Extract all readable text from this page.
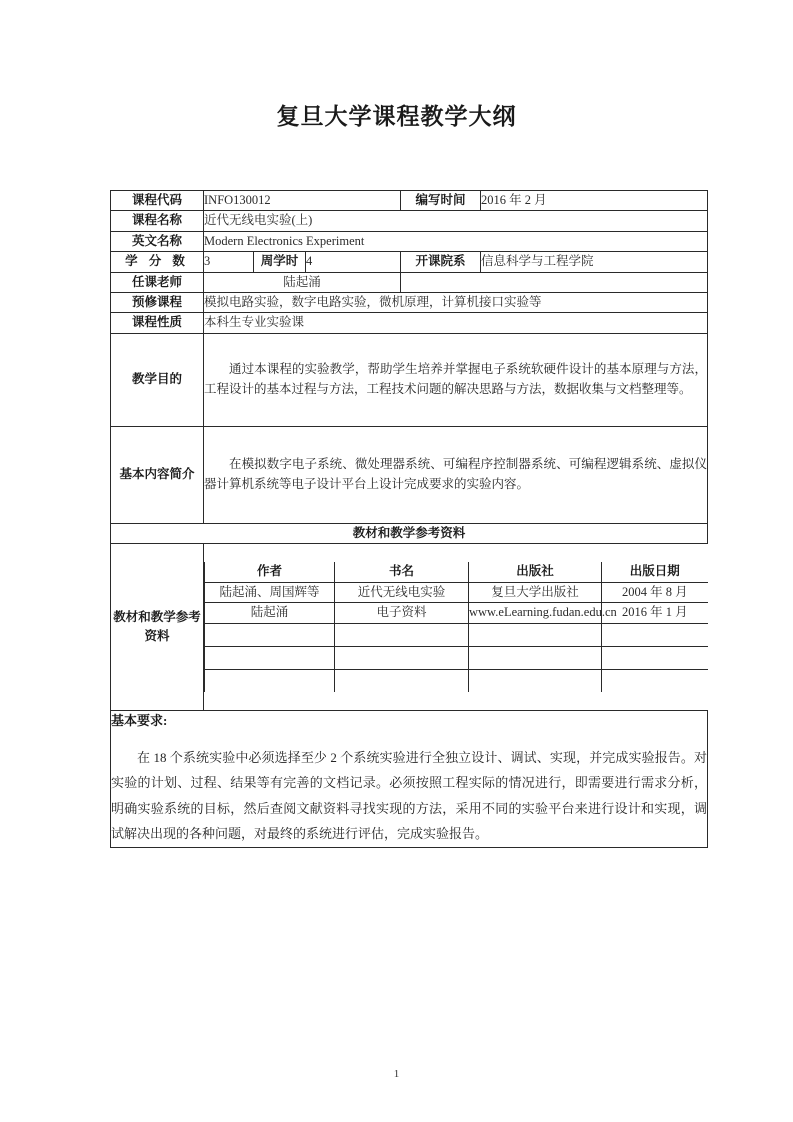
复旦大学课程教学大纲
课程代码	INFO130012	编写时间	2016 年 2 月
课程名称	近代无线电实验(上)
英文名称	Modern Electronics Experiment
学 分 数	3	周学时	4	开课院系	信息科学与工程学院
任课老师	陆起涌	
预修课程	模拟电路实验，数字电路实验，微机原理，计算机接口实验等
课程性质	本科生专业实验课
教学目的	

通过本课程的实验教学，帮助学生培养并掌握电子系统软硬件设计的基本原理与方法，工程设计的基本过程与方法，工程技术问题的解决思路与方法，数据收集与文档整理等。

基本内容简介	

在模拟数字电子系统、微处理器系统、可编程序控制器系统、可编程逻辑系统、虚拟仪器计算机系统等电子设计平台上设计完成要求的实验内容。

教材和教学参考资料
教材和教学参考资料	
作者	书名	出版社	出版日期
陆起涌、周国辉等	近代无线电实验	复旦大学出版社	2004 年 8 月
陆起涌	电子资料	www.eLearning.fudan.edu.cn	2016 年 1 月

基本要求:
在 18 个系统实验中必须选择至少 2 个系统实验进行全独立设计、调试、实现，并完成实验报告。对实验的计划、过程、结果等有完善的文档记录。必须按照工程实际的情况进行，即需要进行需求分析，明确实验系统的目标，然后查阅文献资料寻找实现的方法，采用不同的实验平台来进行设计和实现，调试解决出现的各种问题，对最终的系统进行评估，完成实验报告。
1
